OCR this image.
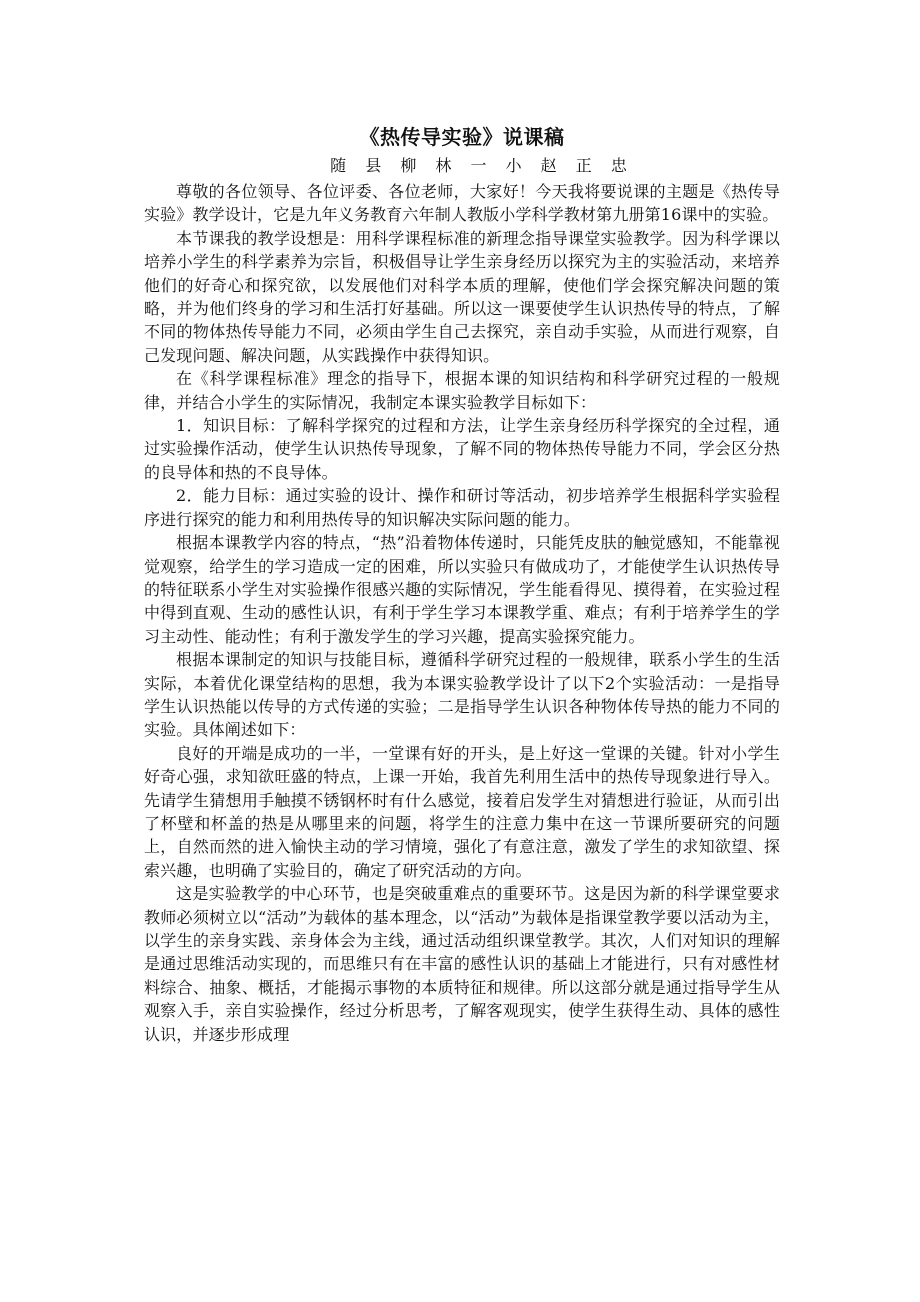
《热传导实验》说课稿
随 县 柳 林 一 小 赵 正 忠

尊敬的各位领导、各位评委、各位老师，大家好！今天我将要说课的主题是《热传导实验》教学设计，它是九年义务教育六年制人教版小学科学教材第九册第16课中的实验。

本节课我的教学设想是：用科学课程标准的新理念指导课堂实验教学。因为科学课以培养小学生的科学素养为宗旨，积极倡导让学生亲身经历以探究为主的实验活动，来培养他们的好奇心和探究欲，以发展他们对科学本质的理解，使他们学会探究解决问题的策略，并为他们终身的学习和生活打好基础。所以这一课要使学生认识热传导的特点，了解不同的物体热传导能力不同，必须由学生自己去探究，亲自动手实验，从而进行观察，自己发现问题、解决问题，从实践操作中获得知识。

在《科学课程标准》理念的指导下，根据本课的知识结构和科学研究过程的一般规律，并结合小学生的实际情况，我制定本课实验教学目标如下：

1．知识目标：了解科学探究的过程和方法，让学生亲身经历科学探究的全过程，通过实验操作活动，使学生认识热传导现象，了解不同的物体热传导能力不同，学会区分热的良导体和热的不良导体。

2．能力目标：通过实验的设计、操作和研讨等活动，初步培养学生根据科学实验程序进行探究的能力和利用热传导的知识解决实际问题的能力。

根据本课教学内容的特点，“热”沿着物体传递时，只能凭皮肤的触觉感知，不能靠视觉观察，给学生的学习造成一定的困难，所以实验只有做成功了，才能使学生认识热传导的特征联系小学生对实验操作很感兴趣的实际情况，学生能看得见、摸得着，在实验过程中得到直观、生动的感性认识，有利于学生学习本课教学重、难点；有利于培养学生的学习主动性、能动性；有利于激发学生的学习兴趣，提高实验探究能力。

根据本课制定的知识与技能目标，遵循科学研究过程的一般规律，联系小学生的生活实际，本着优化课堂结构的思想，我为本课实验教学设计了以下2个实验活动：一是指导学生认识热能以传导的方式传递的实验；二是指导学生认识各种物体传导热的能力不同的实验。具体阐述如下：

良好的开端是成功的一半，一堂课有好的开头，是上好这一堂课的关键。针对小学生好奇心强，求知欲旺盛的特点，上课一开始，我首先利用生活中的热传导现象进行导入。先请学生猜想用手触摸不锈钢杯时有什么感觉，接着启发学生对猜想进行验证，从而引出了杯壁和杯盖的热是从哪里来的问题，将学生的注意力集中在这一节课所要研究的问题上，自然而然的进入愉快主动的学习情境，强化了有意注意，激发了学生的求知欲望、探索兴趣，也明确了实验目的，确定了研究活动的方向。

这是实验教学的中心环节，也是突破重难点的重要环节。这是因为新的科学课堂要求教师必须树立以“活动”为载体的基本理念，以“活动”为载体是指课堂教学要以活动为主，以学生的亲身实践、亲身体会为主线，通过活动组织课堂教学。其次，人们对知识的理解是通过思维活动实现的，而思维只有在丰富的感性认识的基础上才能进行，只有对感性材料综合、抽象、概括，才能揭示事物的本质特征和规律。所以这部分就是通过指导学生从观察入手，亲自实验操作，经过分析思考，了解客观现实，使学生获得生动、具体的感性认识，并逐步形成理
